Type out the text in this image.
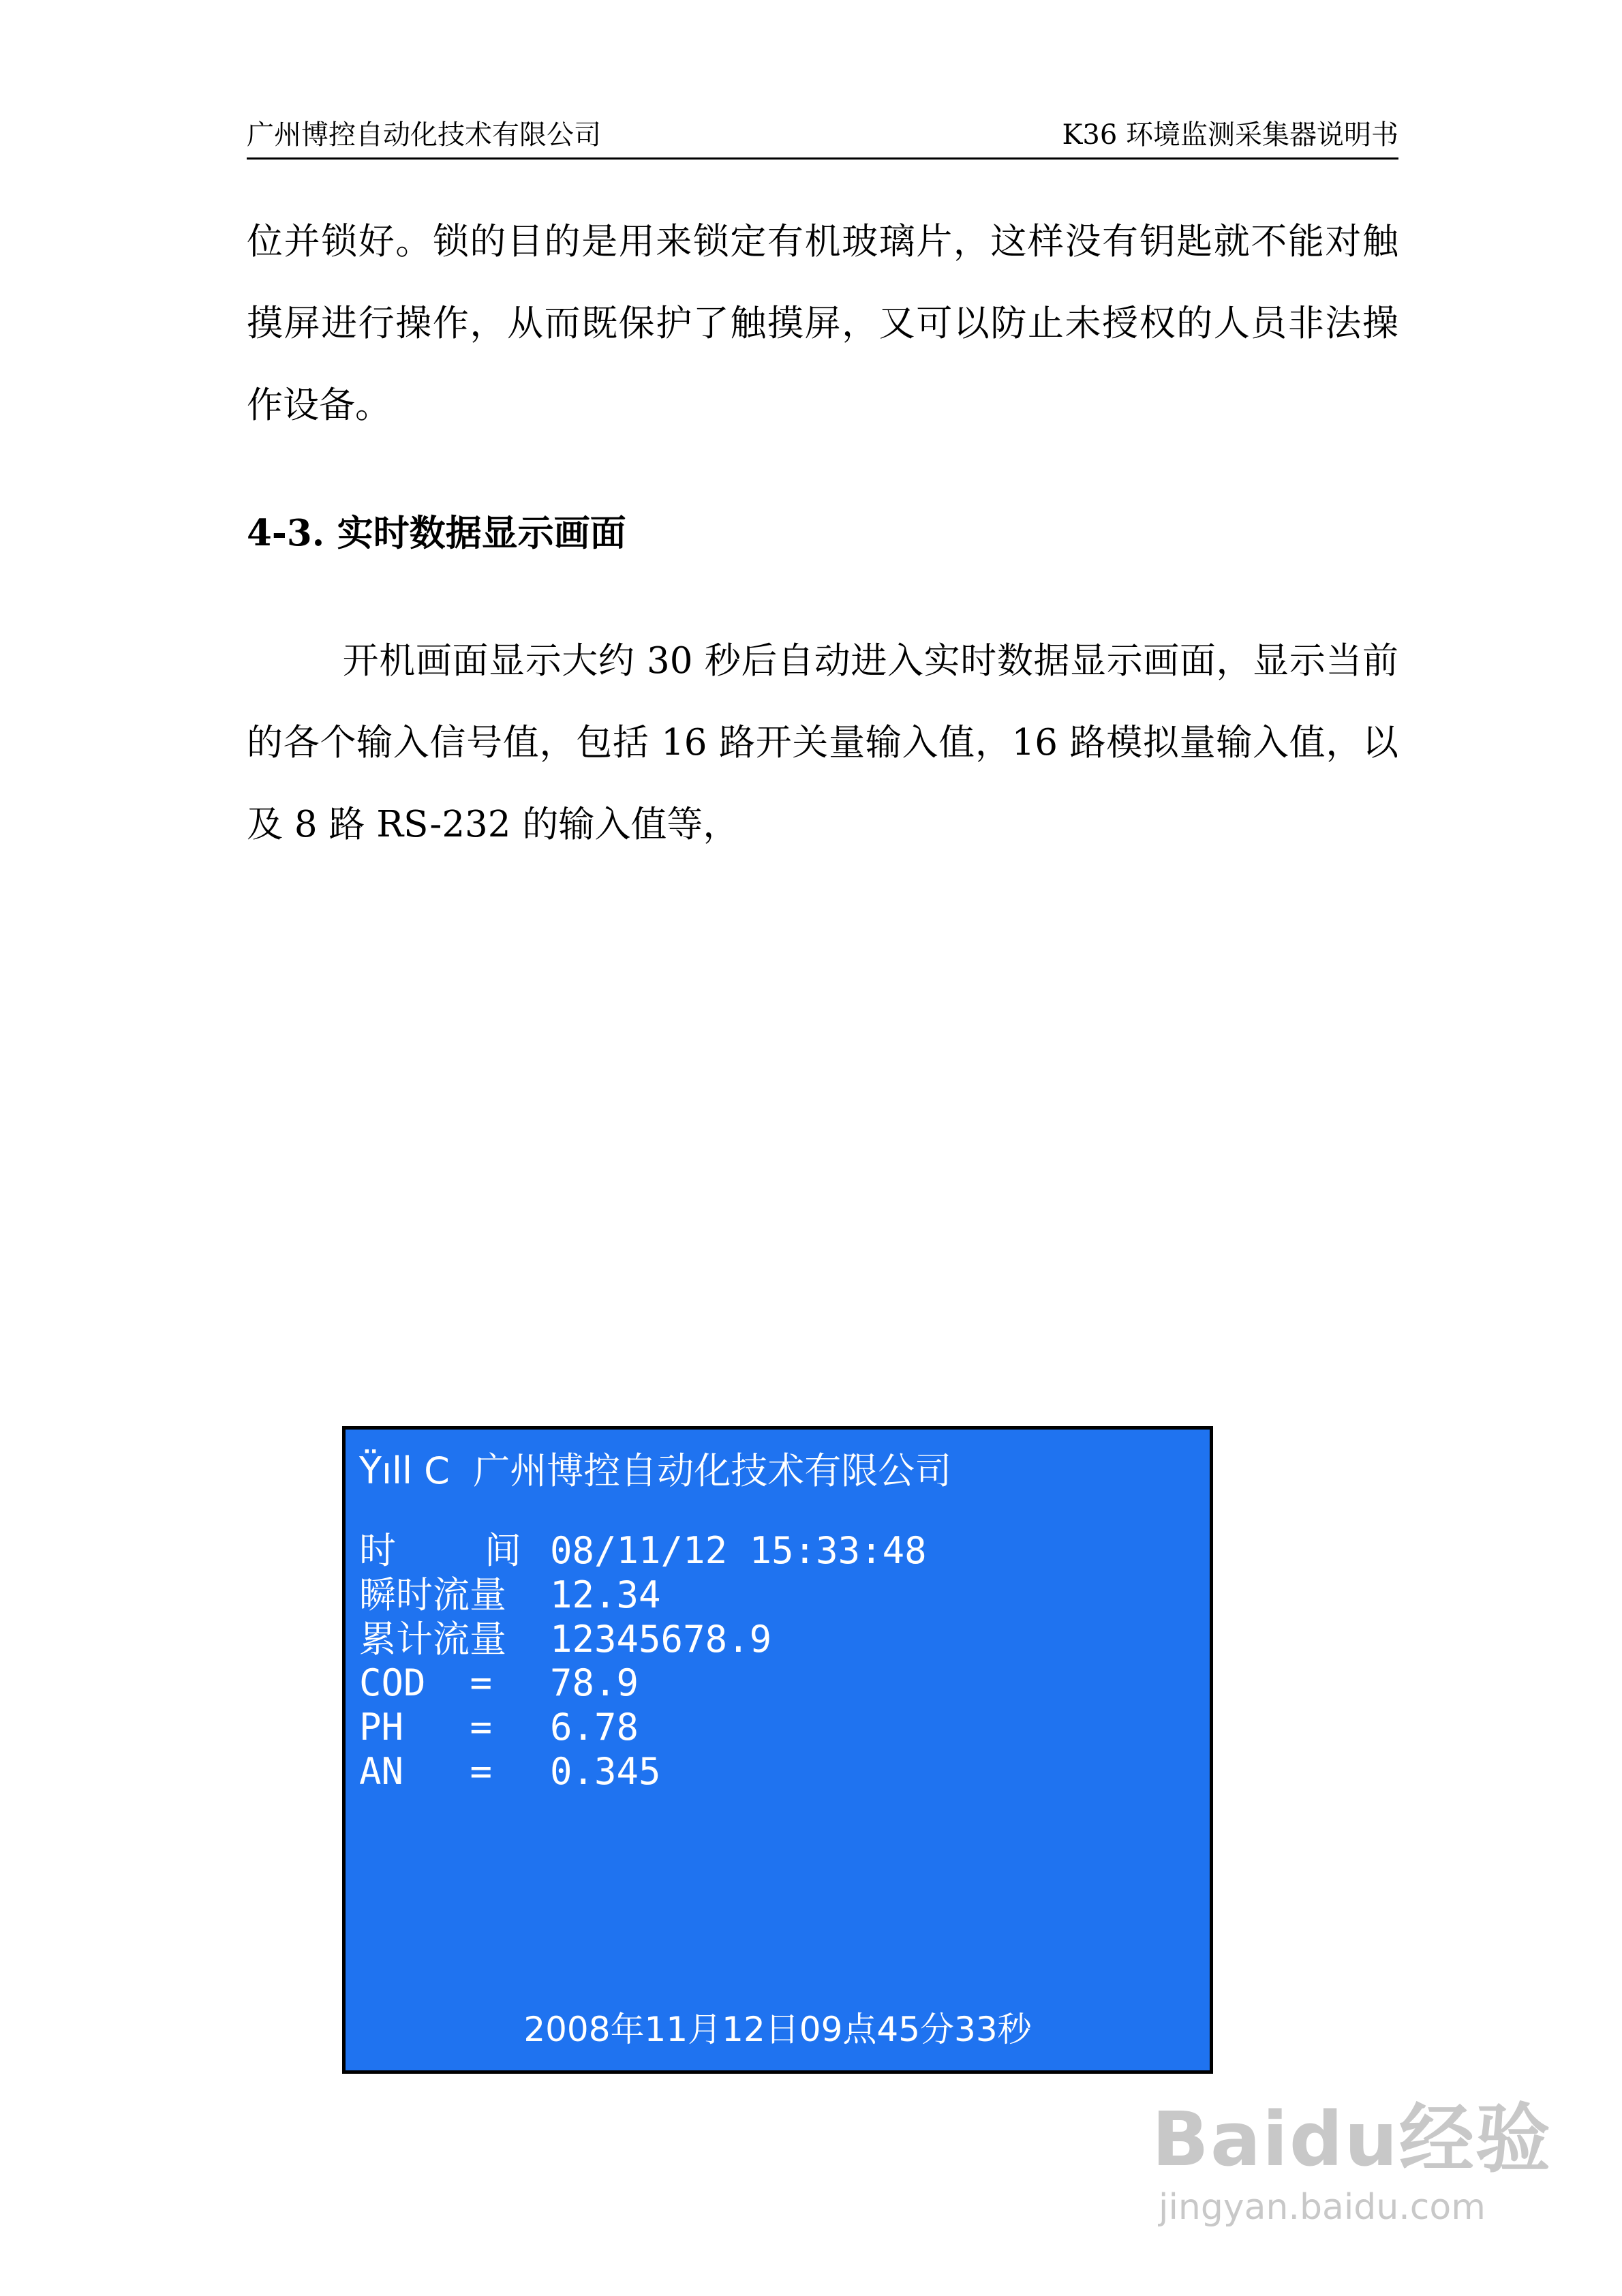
广州博控自动化技术有限公司	K36 环境监测采集器说明书

位并锁好。锁的目的是用来锁定有机玻璃片，这样没有钥匙就不能对触摸屏进行操作，从而既保护了触摸屏，又可以防止未授权的人员非法操作设备。

4-3. 实时数据显示画面

开机画面显示大约 30 秒后自动进入实时数据显示画面，显示当前的各个输入信号值，包括 16 路开关量输入值，16 路模拟量输入值，以及 8 路 RS-232 的输入值等，

Ÿıll C  广州博控自动化技术有限公司
时    间 08/11/12 15:33:48
瞬时流量 12.34
累计流量 12345678.9
COD  = 78.9
PH   = 6.78
AN   = 0.345
2008年11月12日09点45分33秒
Baidu经验
jingyan.baidu.com
